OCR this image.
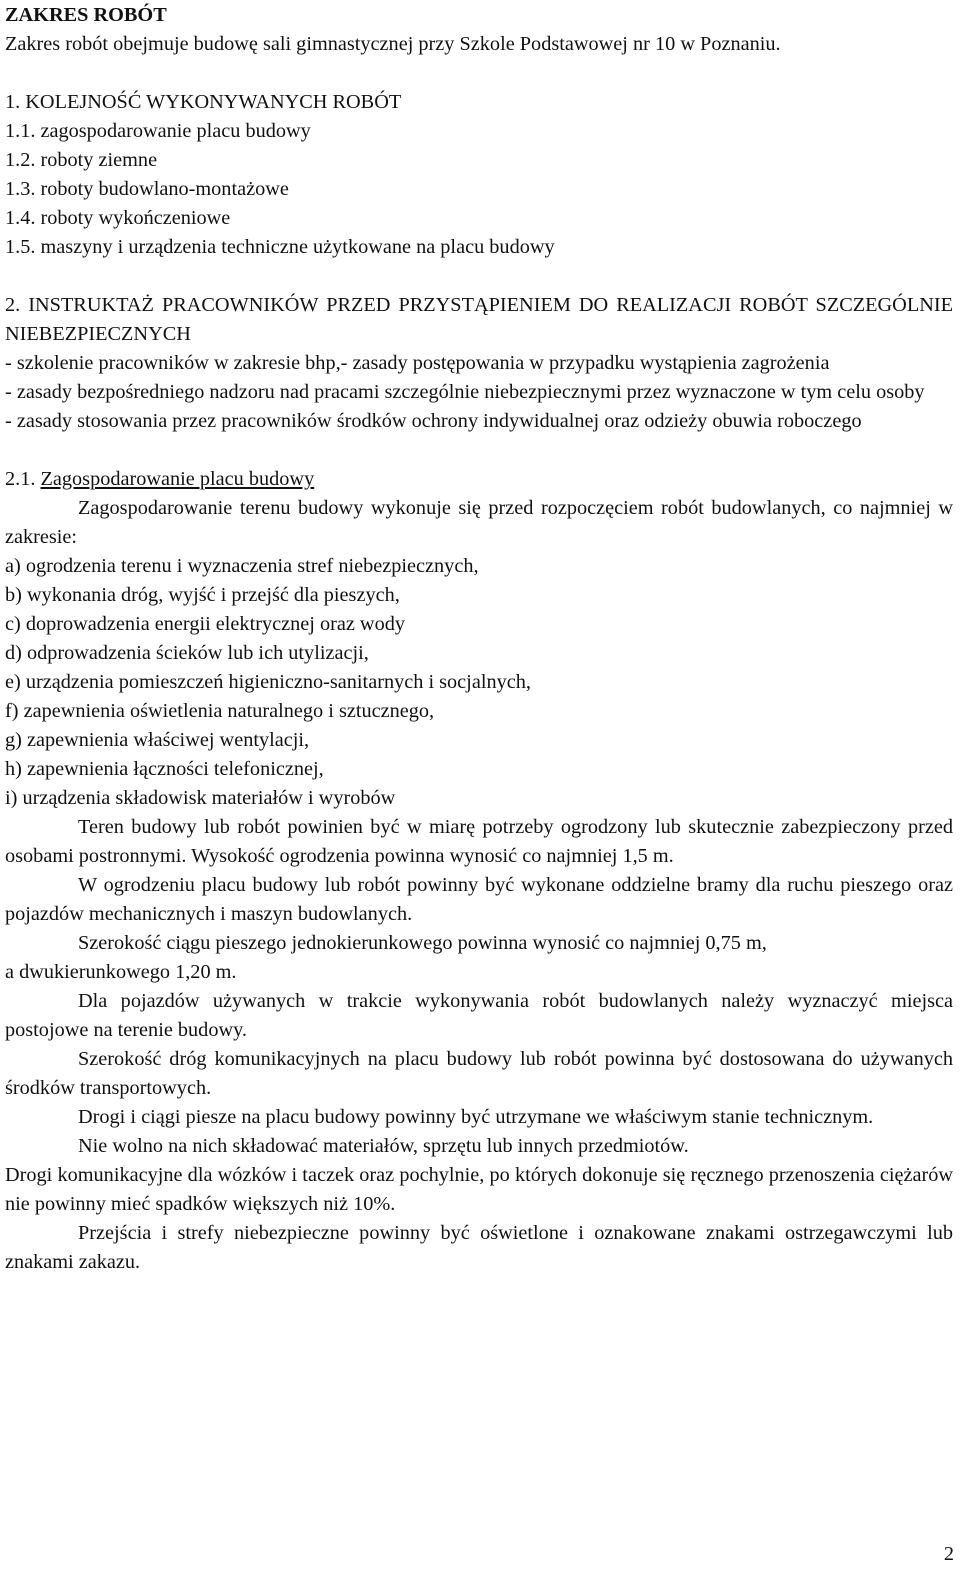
ZAKRES ROBÓT

Zakres robót obejmuje budowę sali gimnastycznej przy Szkole Podstawowej nr 10 w Poznaniu.

1. KOLEJNOŚĆ WYKONYWANYCH ROBÓT
1.1. zagospodarowanie placu budowy
1.2. roboty ziemne
1.3. roboty budowlano-montażowe
1.4. roboty wykończeniowe
1.5. maszyny i urządzenia techniczne użytkowane na placu budowy

2. INSTRUKTAŻ PRACOWNIKÓW PRZED PRZYSTĄPIENIEM DO REALIZACJI ROBÓT SZCZEGÓLNIE NIEBEZPIECZNYCH

- szkolenie pracowników w zakresie bhp,- zasady postępowania w przypadku wystąpienia zagrożenia

- zasady bezpośredniego nadzoru nad pracami szczególnie niebezpiecznymi przez wyznaczone w tym celu osoby

- zasady stosowania przez pracowników środków ochrony indywidualnej oraz odzieży obuwia roboczego

2.1. Zagospodarowanie placu budowy

Zagospodarowanie terenu budowy wykonuje się przed rozpoczęciem robót budowlanych, co najmniej w zakresie:

a) ogrodzenia terenu i wyznaczenia stref niebezpiecznych,
b) wykonania dróg, wyjść i przejść dla pieszych,
c) doprowadzenia energii elektrycznej oraz wody
d) odprowadzenia ścieków lub ich utylizacji,
e) urządzenia pomieszczeń higieniczno-sanitarnych i socjalnych,
f) zapewnienia oświetlenia naturalnego i sztucznego,
g) zapewnienia właściwej wentylacji,
h) zapewnienia łączności telefonicznej,
i) urządzenia składowisk materiałów i wyrobów

Teren budowy lub robót powinien być w miarę potrzeby ogrodzony lub skutecznie zabezpieczony przed osobami postronnymi. Wysokość ogrodzenia powinna wynosić co najmniej 1,5 m.

W ogrodzeniu placu budowy lub robót powinny być wykonane oddzielne bramy dla ruchu pieszego oraz pojazdów mechanicznych i maszyn budowlanych.

Szerokość ciągu pieszego jednokierunkowego powinna wynosić co najmniej 0,75 m,

a dwukierunkowego 1,20 m.

Dla pojazdów używanych w trakcie wykonywania robót budowlanych należy wyznaczyć miejsca postojowe na terenie budowy.

Szerokość dróg komunikacyjnych na placu budowy lub robót powinna być dostosowana do używanych środków transportowych.

Drogi i ciągi piesze na placu budowy powinny być utrzymane we właściwym stanie technicznym.

Nie wolno na nich składować materiałów, sprzętu lub innych przedmiotów.

Drogi komunikacyjne dla wózków i taczek oraz pochylnie, po których dokonuje się ręcznego przenoszenia ciężarów nie powinny mieć spadków większych niż 10%.

Przejścia i strefy niebezpieczne powinny być oświetlone i oznakowane znakami ostrzegawczymi lub znakami zakazu.

2
